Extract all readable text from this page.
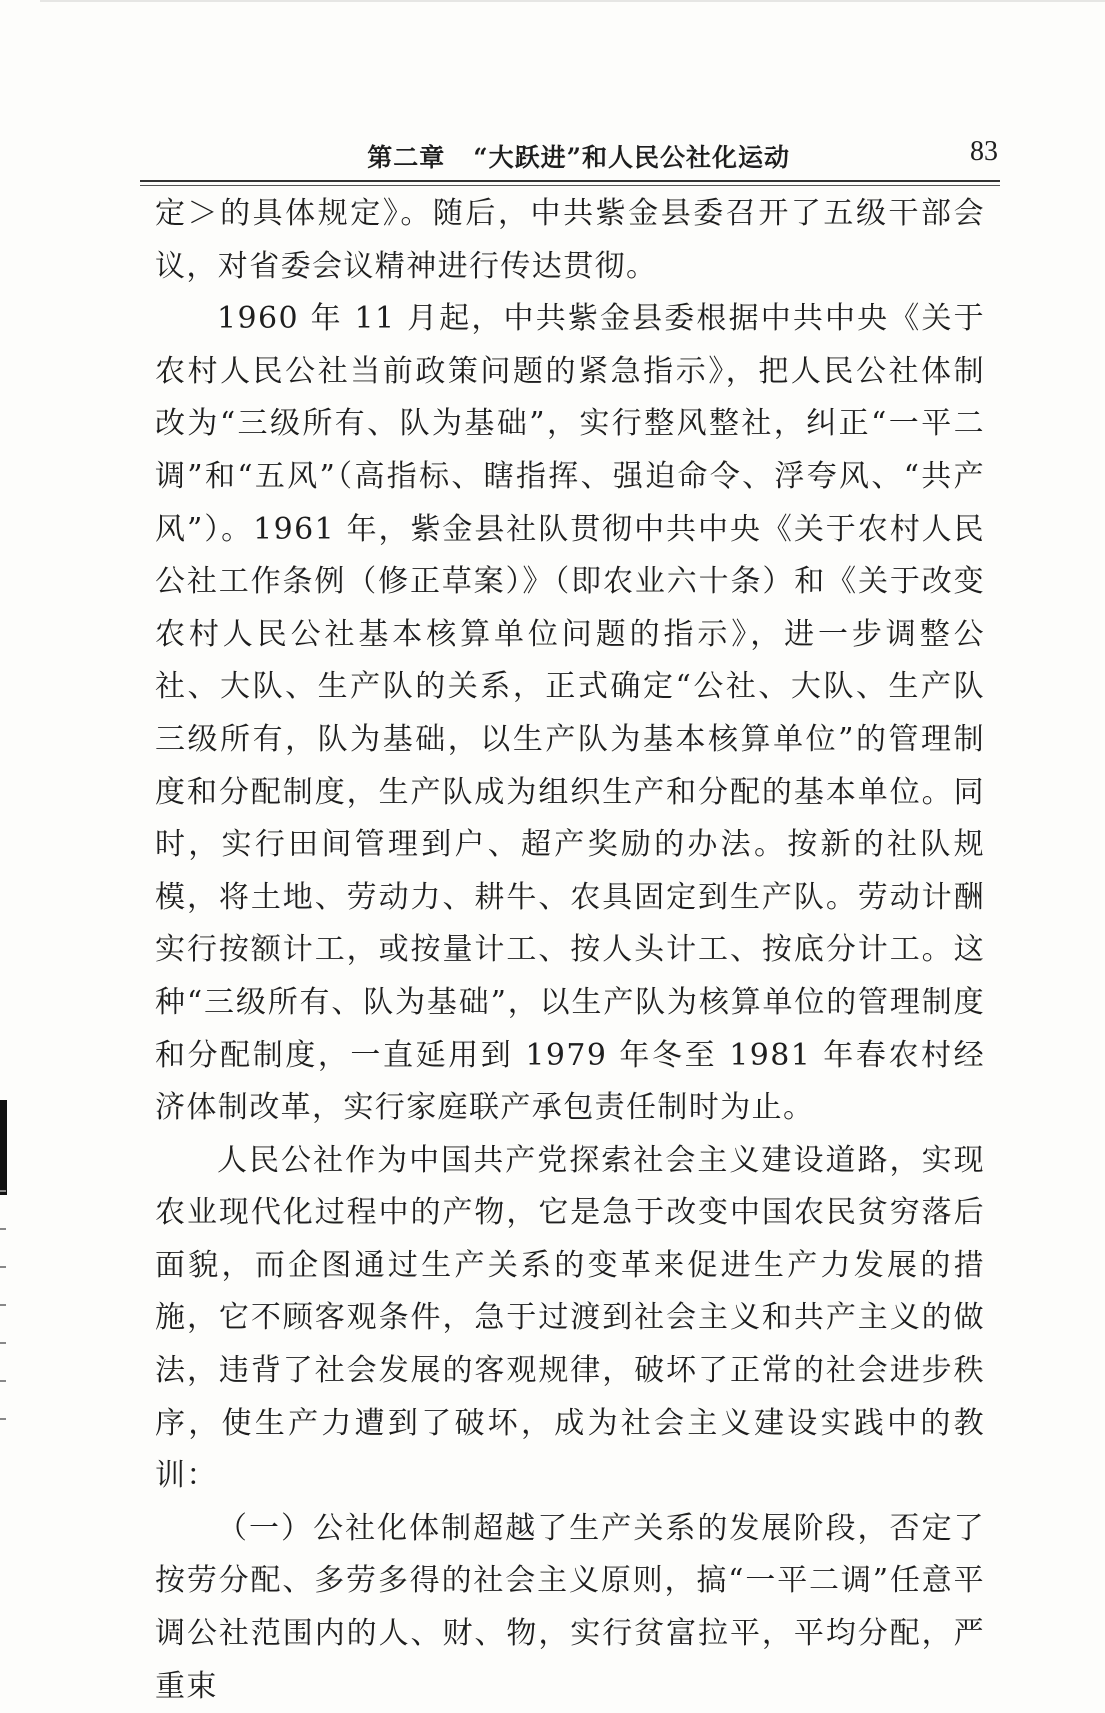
第二章 “大跃进”和人民公社化运动	83

定＞的具体规定》。随后，中共紫金县委召开了五级干部会议，对省委会议精神进行传达贯彻。

1960 年 11 月起，中共紫金县委根据中共中央《关于农村人民公社当前政策问题的紧急指示》，把人民公社体制改为“三级所有、队为基础”，实行整风整社，纠正“一平二调”和“五风”（高指标、瞎指挥、强迫命令、浮夸风、“共产风”）。1961 年，紫金县社队贯彻中共中央《关于农村人民公社工作条例（修正草案）》（即农业六十条）和《关于改变农村人民公社基本核算单位问题的指示》，进一步调整公社、大队、生产队的关系，正式确定“公社、大队、生产队三级所有，队为基础，以生产队为基本核算单位”的管理制度和分配制度，生产队成为组织生产和分配的基本单位。同时，实行田间管理到户、超产奖励的办法。按新的社队规模，将土地、劳动力、耕牛、农具固定到生产队。劳动计酬实行按额计工，或按量计工、按人头计工、按底分计工。这种“三级所有、队为基础”，以生产队为核算单位的管理制度和分配制度，一直延用到 1979 年冬至 1981 年春农村经济体制改革，实行家庭联产承包责任制时为止。

人民公社作为中国共产党探索社会主义建设道路，实现农业现代化过程中的产物，它是急于改变中国农民贫穷落后面貌，而企图通过生产关系的变革来促进生产力发展的措施，它不顾客观条件，急于过渡到社会主义和共产主义的做法，违背了社会发展的客观规律，破坏了正常的社会进步秩序，使生产力遭到了破坏，成为社会主义建设实践中的教训：

（一）公社化体制超越了生产关系的发展阶段，否定了按劳分配、多劳多得的社会主义原则，搞“一平二调”任意平调公社范围内的人、财、物，实行贫富拉平，平均分配，严重束
